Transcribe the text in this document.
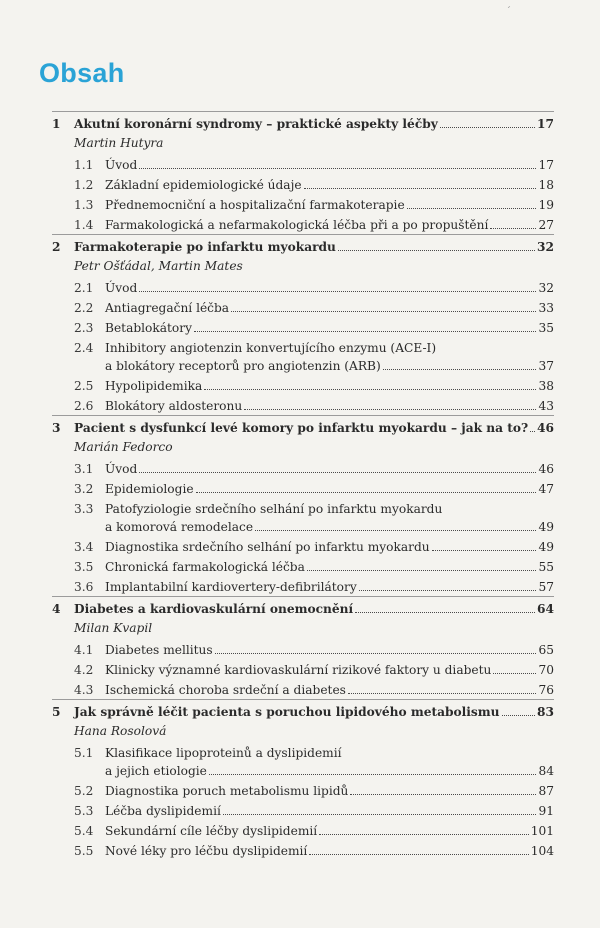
´
Obsah
1	Akutní koronární syndromy – praktické aspekty léčby	17
Martin Hutyra
1.1 Úvod	17
1.2 Základní epidemiologické údaje	18
1.3 Přednemocniční a hospitalizační farmakoterapie	19
1.4 Farmakologická a nefarmakologická léčba při a po propuštění	27
2	Farmakoterapie po infarktu myokardu	32
Petr Ošťádal, Martin Mates
2.1 Úvod	32
2.2 Antiagregační léčba	33
2.3 Betablokátory	35
2.4 Inhibitory angiotenzin konvertujícího enzymu (ACE-I)
a blokátory receptorů pro angiotenzin (ARB)	37
2.5 Hypolipidemika	38
2.6 Blokátory aldosteronu	43
3	Pacient s dysfunkcí levé komory po infarktu myokardu – jak na to? 46
Marián Fedorco
3.1 Úvod	46
3.2 Epidemiologie	47
3.3 Patofyziologie srdečního selhání po infarktu myokardu
a komorová remodelace	49
3.4 Diagnostika srdečního selhání po infarktu myokardu	49
3.5 Chronická farmakologická léčba	55
3.6 Implantabilní kardiovertery-defibrilátory	57
4	Diabetes a kardiovaskulární onemocnění	64
Milan Kvapil
4.1 Diabetes mellitus	65
4.2 Klinicky významné kardiovaskulární rizikové faktory u diabetu	70
4.3 Ischemická choroba srdeční a diabetes	76
5	Jak správně léčit pacienta s poruchou lipidového metabolismu	83
Hana Rosolová
5.1 Klasifikace lipoproteinů a dyslipidemií
a jejich etiologie	84
5.2 Diagnostika poruch metabolismu lipidů	87
5.3 Léčba dyslipidemií	91
5.4 Sekundární cíle léčby dyslipidemií	101
5.5 Nové léky pro léčbu dyslipidemií	104
